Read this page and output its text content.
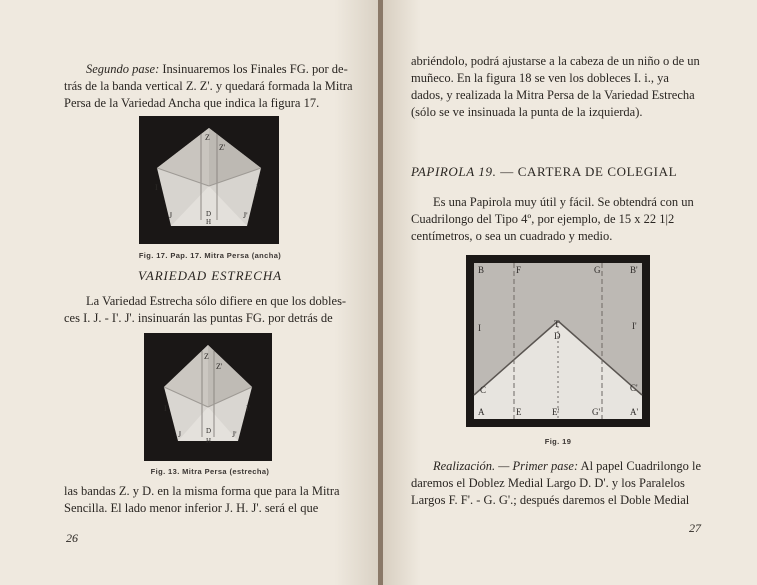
Segundo pase: Insinuaremos los Finales FG. por de-
trás de la banda vertical Z. Z'. y quedará formada la Mitra
Persa de la Variedad Ancha que indica la figura 17.
Z
Z'
I	I'
J	J'
D
H
Fig. 17. Pap. 17. Mitra Persa (ancha)
VARIEDAD ESTRECHA
La Variedad Estrecha sólo difiere en que los dobles-
ces I. J. - I'. J'. insinuarán las puntas FG. por detrás de
Z
Z'
I	I'
J	J'
D
H
Fig. 13. Mitra Persa (estrecha)
las bandas Z. y D. en la misma forma que para la Mitra
Sencilla. El lado menor inferior J. H. J'. será el que
26
abriéndolo, podrá ajustarse a la cabeza de un niño o de un
muñeco. En la figura 18 se ven los dobleces I. i., ya
dados, y realizada la Mitra Persa de la Variedad Estrecha
(sólo se ve insinuada la punta de la izquierda).
PAPIROLA 19. — CARTERA DE COLEGIAL
Es una Papirola muy útil y fácil. Se obtendrá con un
Cuadrilongo del Tipo 4º, por ejemplo, de 15 x 22 1|2
centímetros, o sea un cuadrado y medio.
B	F	G	B'
I	I'
T
D
C	C'
E	E'	G'
A	A'
Fig. 19
Realización. — Primer pase: Al papel Cuadrilongo le
daremos el Doblez Medial Largo D. D'. y los Paralelos
Largos F. F'. - G. G'.; después daremos el Doble Medial
27
